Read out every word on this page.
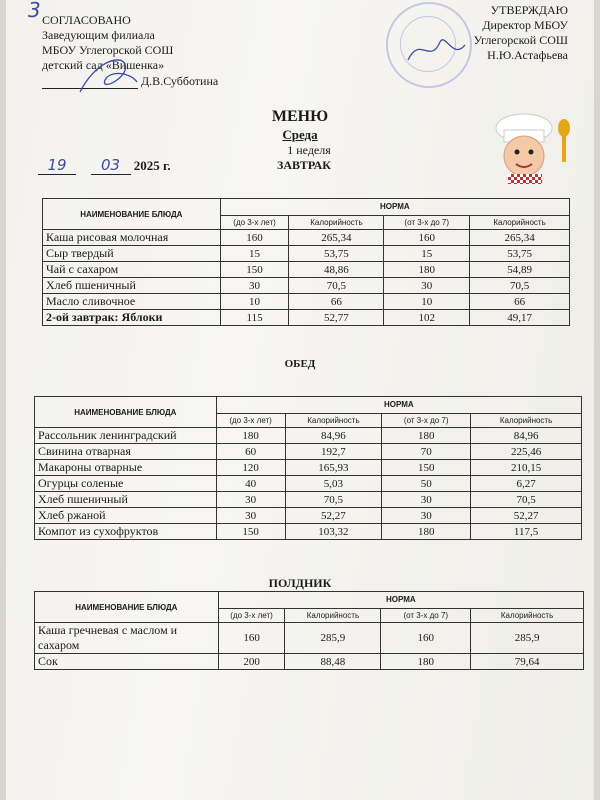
3 СОГЛАСОВАНО
Заведующим филиала
МБОУ Углегорской СОШ
детский сад «Вишенка»
Д.В.Субботина
УТВЕРЖДАЮ
Директор МБОУ
Углегорской СОШ
Н.Ю.Астафьева
МЕНЮ
Среда
1 неделя
19 03 2025 г.	ЗАВТРАК
НАИМЕНОВАНИЕ БЛЮДА	НОРМА			
	(до 3-х лет)	Калорийность	(от 3-х до 7)	Калорийность
Каша рисовая молочная	160	265,34	160	265,34
Сыр твердый	15	53,75	15	53,75
Чай с сахаром	150	48,86	180	54,89
Хлеб пшеничный	30	70,5	30	70,5
Масло сливочное	10	66	10	66
2-ой завтрак: Яблоки	115	52,77	102	49,17
ОБЕД
НАИМЕНОВАНИЕ БЛЮДА	НОРМА			
	(до 3-х лет)	Калорийность	(от 3-х до 7)	Калорийность
Рассольник ленинградский	180	84,96	180	84,96
Свинина отварная	60	192,7	70	225,46
Макароны отварные	120	165,93	150	210,15
Огурцы соленые	40	5,03	50	6,27
Хлеб пшеничный	30	70,5	30	70,5
Хлеб ржаной	30	52,27	30	52,27
Компот из сухофруктов	150	103,32	180	117,5
ПОЛДНИК
НАИМЕНОВАНИЕ БЛЮДА	НОРМА			
	(до 3-х лет)	Калорийность	(от 3-х до 7)	Калорийность
Каша гречневая с маслом и сахаром	160	285,9	160	285,9
Сок	200	88,48	180	79,64
